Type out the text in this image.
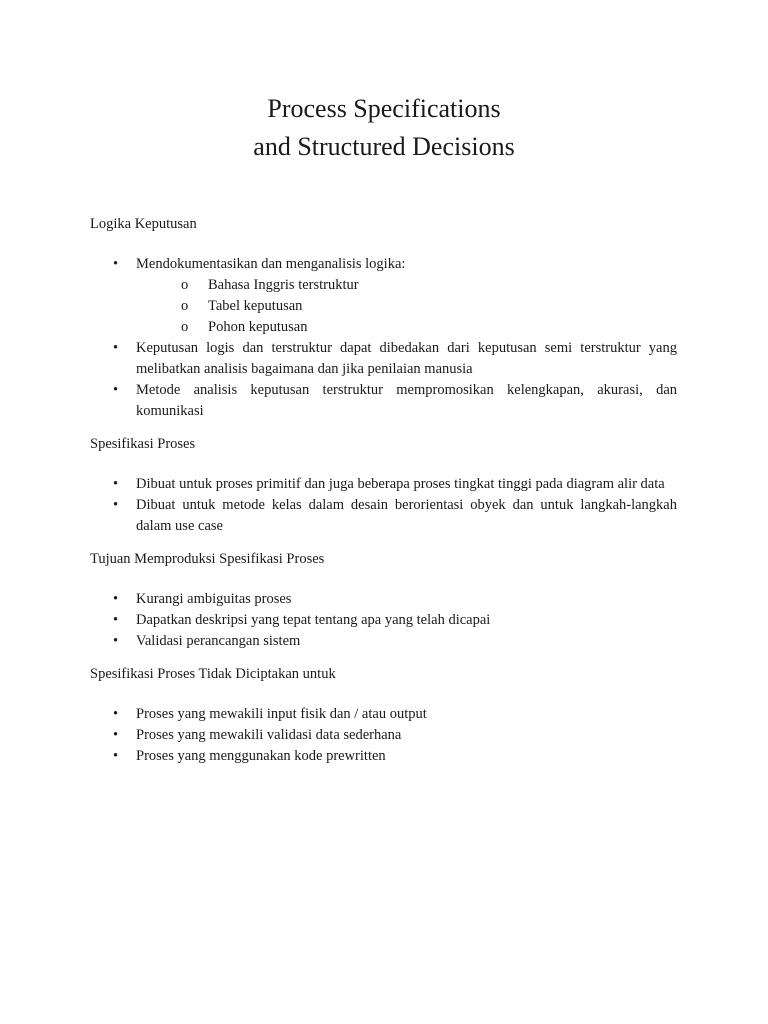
Process Specifications
and Structured Decisions

Logika Keputusan

• Mendokumentasikan dan menganalisis logika:
o Bahasa Inggris terstruktur
o Tabel keputusan
o Pohon keputusan
• Keputusan logis dan terstruktur dapat dibedakan dari keputusan semi terstruktur yang melibatkan analisis bagaimana dan jika penilaian manusia
• Metode analisis keputusan terstruktur mempromosikan kelengkapan, akurasi, dan komunikasi

Spesifikasi Proses

• Dibuat untuk proses primitif dan juga beberapa proses tingkat tinggi pada diagram alir data
• Dibuat untuk metode kelas dalam desain berorientasi obyek dan untuk langkah-langkah dalam use case

Tujuan Memproduksi Spesifikasi Proses

• Kurangi ambiguitas proses
• Dapatkan deskripsi yang tepat tentang apa yang telah dicapai
• Validasi perancangan sistem

Spesifikasi Proses Tidak Diciptakan untuk

• Proses yang mewakili input fisik dan / atau output
• Proses yang mewakili validasi data sederhana
• Proses yang menggunakan kode prewritten
